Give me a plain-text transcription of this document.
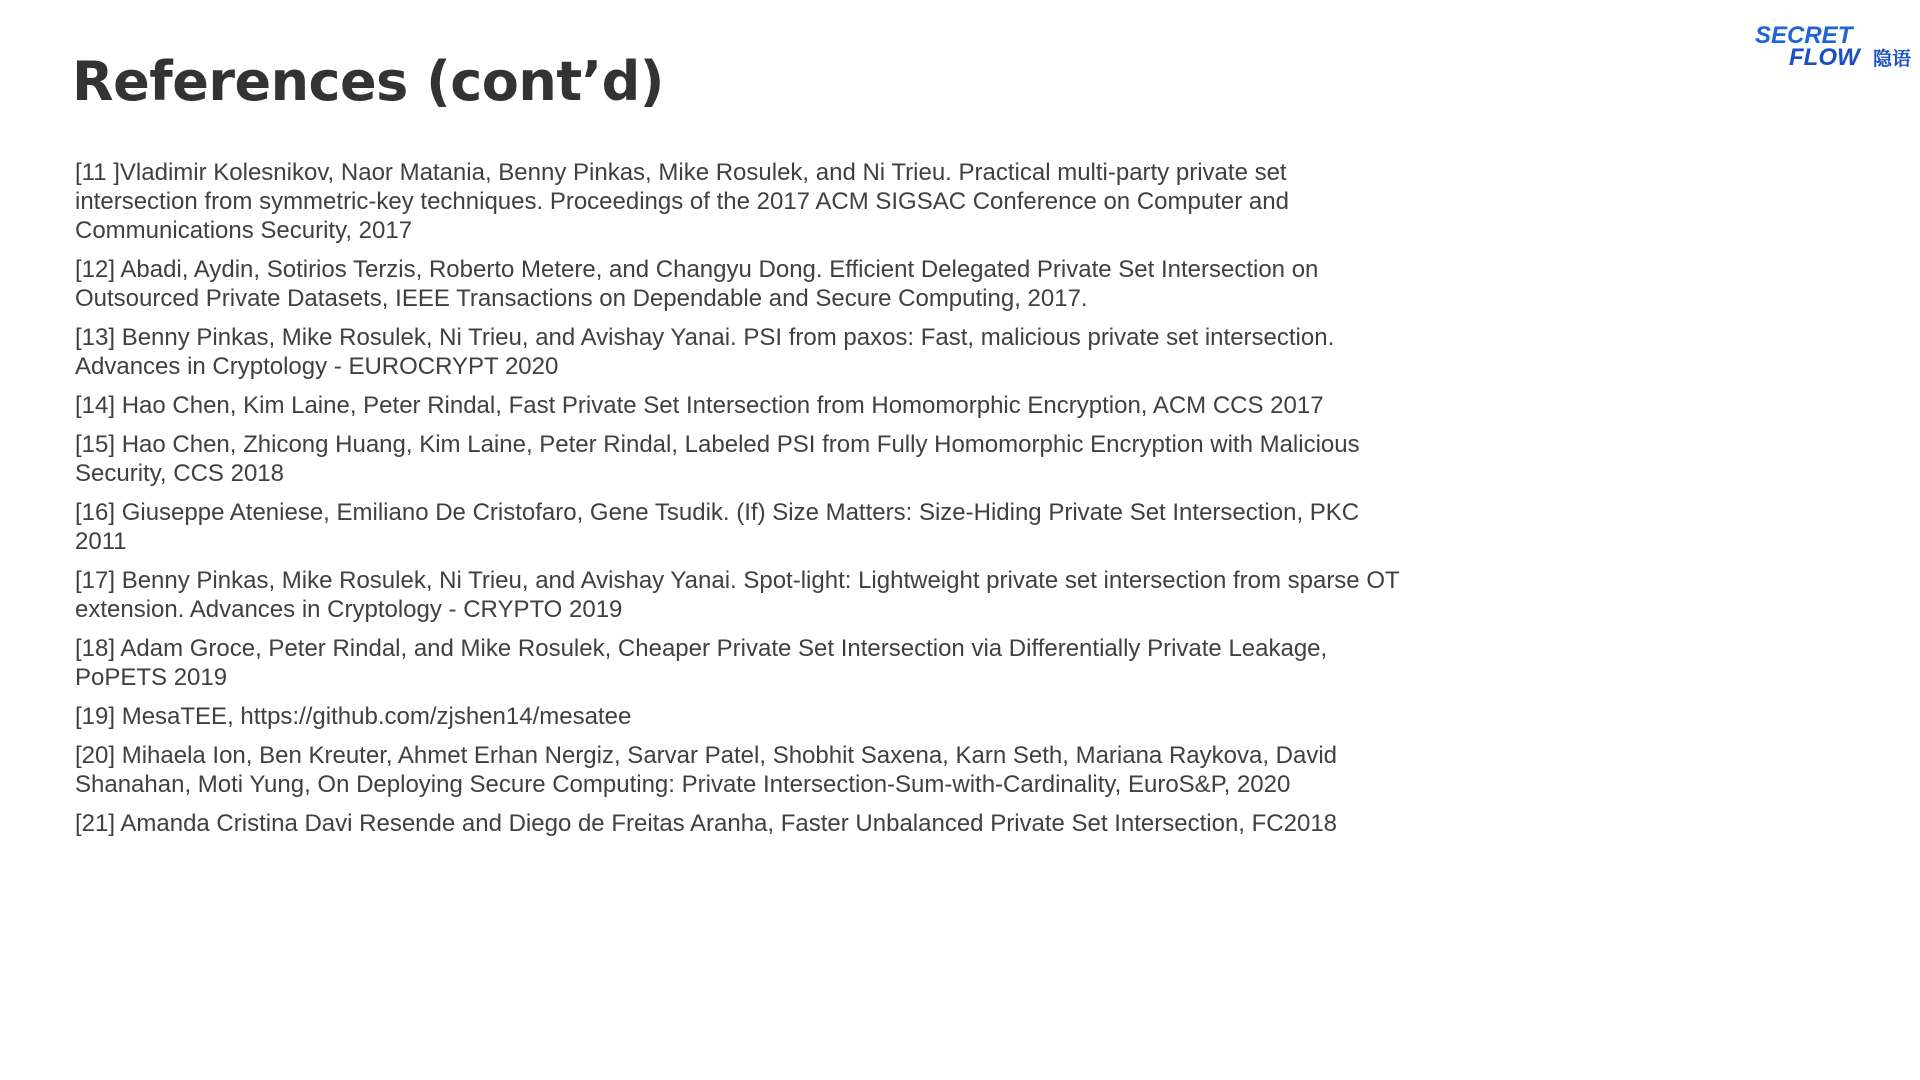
References (cont’d)
SECRET
FLOW 隐语
[11 ]Vladimir Kolesnikov, Naor Matania, Benny Pinkas, Mike Rosulek, and Ni Trieu. Practical multi-party private set intersection from symmetric-key techniques. Proceedings of the 2017 ACM SIGSAC Conference on Computer and Communications Security, 2017
[12] Abadi, Aydin, Sotirios Terzis, Roberto Metere, and Changyu Dong. Efficient Delegated Private Set Intersection on Outsourced Private Datasets, IEEE Transactions on Dependable and Secure Computing, 2017.
[13] Benny Pinkas, Mike Rosulek, Ni Trieu, and Avishay Yanai. PSI from paxos: Fast, malicious private set intersection. Advances in Cryptology - EUROCRYPT 2020
[14] Hao Chen, Kim Laine, Peter Rindal, Fast Private Set Intersection from Homomorphic Encryption, ACM CCS 2017
[15] Hao Chen, Zhicong Huang, Kim Laine, Peter Rindal, Labeled PSI from Fully Homomorphic Encryption with Malicious Security, CCS 2018
[16] Giuseppe Ateniese, Emiliano De Cristofaro, Gene Tsudik. (If) Size Matters: Size-Hiding Private Set Intersection, PKC 2011
[17] Benny Pinkas, Mike Rosulek, Ni Trieu, and Avishay Yanai. Spot-light: Lightweight private set intersection from sparse OT extension. Advances in Cryptology - CRYPTO 2019
[18] Adam Groce, Peter Rindal, and Mike Rosulek, Cheaper Private Set Intersection via Differentially Private Leakage, PoPETS 2019
[19] MesaTEE, https://github.com/zjshen14/mesatee
[20] Mihaela Ion, Ben Kreuter, Ahmet Erhan Nergiz, Sarvar Patel, Shobhit Saxena, Karn Seth, Mariana Raykova, David Shanahan, Moti Yung, On Deploying Secure Computing: Private Intersection-Sum-with-Cardinality, EuroS&P, 2020
[21] Amanda Cristina Davi Resende and Diego de Freitas Aranha, Faster Unbalanced Private Set Intersection, FC2018
